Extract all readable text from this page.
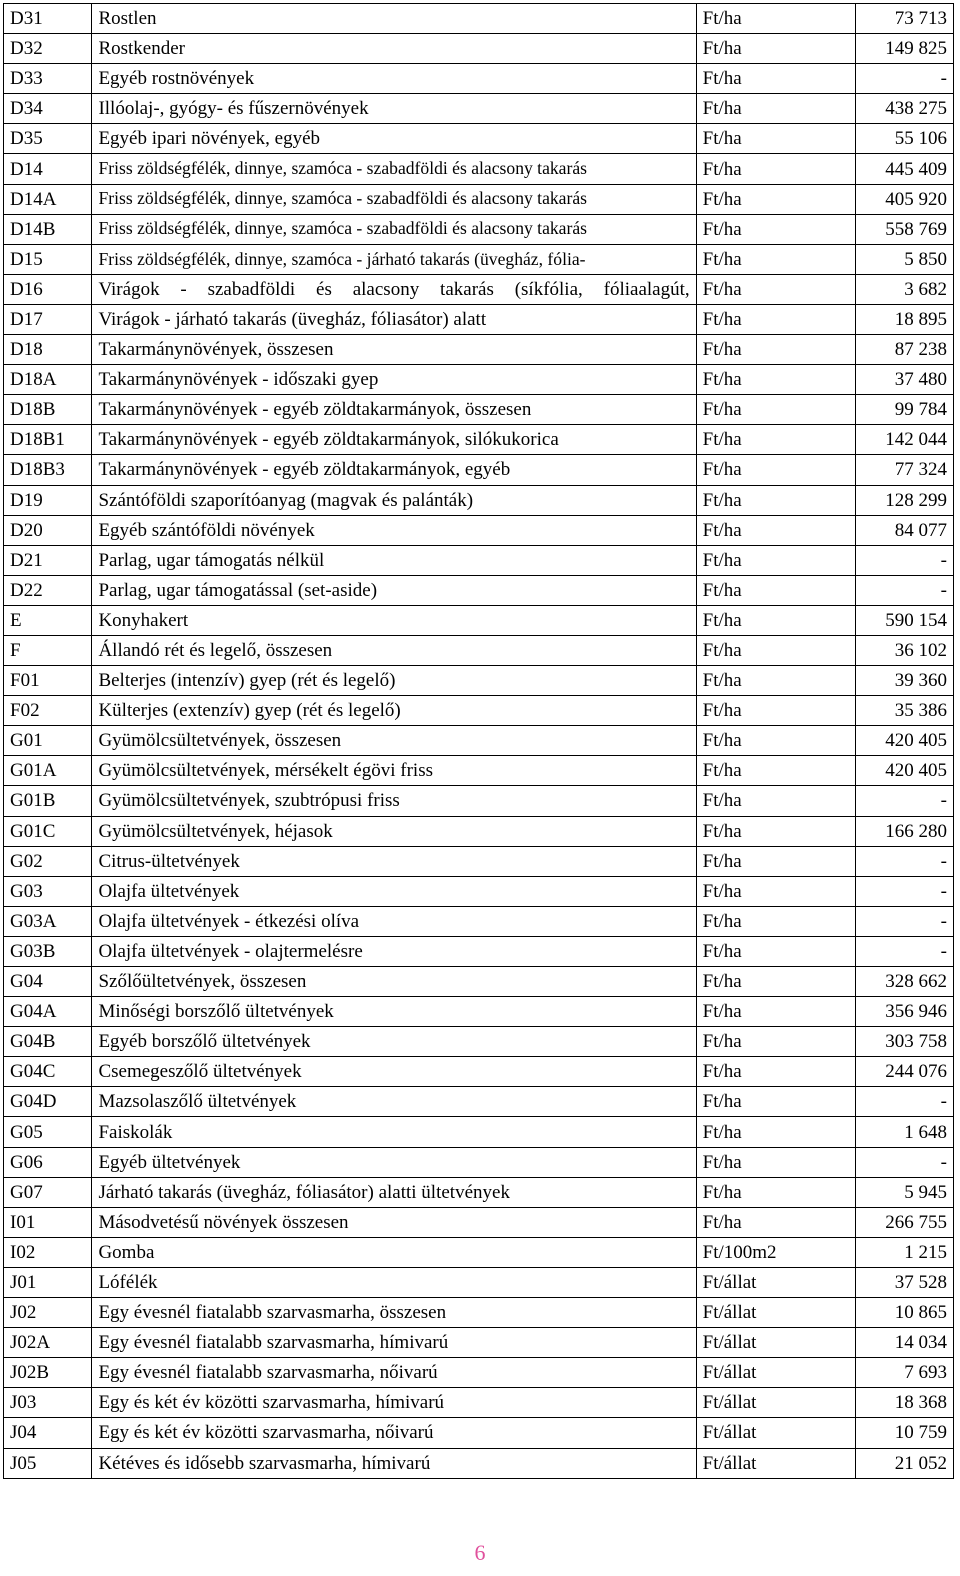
D31	Rostlen	Ft/ha	73 713
D32	Rostkender	Ft/ha	149 825
D33	Egyéb rostnövények	Ft/ha	-
D34	Illóolaj-, gyógy- és fűszernövények	Ft/ha	438 275
D35	Egyéb ipari növények, egyéb	Ft/ha	55 106
D14	Friss zöldségfélék, dinnye, szamóca - szabadföldi és alacsony takarás	Ft/ha	445 409
D14A	Friss zöldségfélék, dinnye, szamóca - szabadföldi és alacsony takarás	Ft/ha	405 920
D14B	Friss zöldségfélék, dinnye, szamóca - szabadföldi és alacsony takarás	Ft/ha	558 769
D15	Friss zöldségfélék, dinnye, szamóca - járható takarás (üvegház, fólia-	Ft/ha	5 850
D16	Virágok - szabadföldi és alacsony takarás (síkfólia, fóliaalagút,	Ft/ha	3 682
D17	Virágok - járható takarás (üvegház, fóliasátor) alatt	Ft/ha	18 895
D18	Takarmánynövények, összesen	Ft/ha	87 238
D18A	Takarmánynövények - időszaki gyep	Ft/ha	37 480
D18B	Takarmánynövények - egyéb zöldtakarmányok, összesen	Ft/ha	99 784
D18B1	Takarmánynövények - egyéb zöldtakarmányok, silókukorica	Ft/ha	142 044
D18B3	Takarmánynövények - egyéb zöldtakarmányok, egyéb	Ft/ha	77 324
D19	Szántóföldi szaporítóanyag (magvak és palánták)	Ft/ha	128 299
D20	Egyéb szántóföldi növények	Ft/ha	84 077
D21	Parlag, ugar támogatás nélkül	Ft/ha	-
D22	Parlag, ugar támogatással (set-aside)	Ft/ha	-
E	Konyhakert	Ft/ha	590 154
F	Állandó rét és legelő, összesen	Ft/ha	36 102
F01	Belterjes (intenzív) gyep (rét és legelő)	Ft/ha	39 360
F02	Külterjes (extenzív) gyep (rét és legelő)	Ft/ha	35 386
G01	Gyümölcsültetvények, összesen	Ft/ha	420 405
G01A	Gyümölcsültetvények, mérsékelt égövi friss	Ft/ha	420 405
G01B	Gyümölcsültetvények, szubtrópusi friss	Ft/ha	-
G01C	Gyümölcsültetvények, héjasok	Ft/ha	166 280
G02	Citrus-ültetvények	Ft/ha	-
G03	Olajfa ültetvények	Ft/ha	-
G03A	Olajfa ültetvények - étkezési olíva	Ft/ha	-
G03B	Olajfa ültetvények - olajtermelésre	Ft/ha	-
G04	Szőlőültetvények, összesen	Ft/ha	328 662
G04A	Minőségi borszőlő ültetvények	Ft/ha	356 946
G04B	Egyéb borszőlő ültetvények	Ft/ha	303 758
G04C	Csemegeszőlő ültetvények	Ft/ha	244 076
G04D	Mazsolaszőlő ültetvények	Ft/ha	-
G05	Faiskolák	Ft/ha	1 648
G06	Egyéb ültetvények	Ft/ha	-
G07	Járható takarás (üvegház, fóliasátor) alatti ültetvények	Ft/ha	5 945
I01	Másodvetésű növények összesen	Ft/ha	266 755
I02	Gomba	Ft/100m2	1 215
J01	Lófélék	Ft/állat	37 528
J02	Egy évesnél fiatalabb szarvasmarha, összesen	Ft/állat	10 865
J02A	Egy évesnél fiatalabb szarvasmarha, hímivarú	Ft/állat	14 034
J02B	Egy évesnél fiatalabb szarvasmarha, nőivarú	Ft/állat	7 693
J03	Egy és két év közötti szarvasmarha, hímivarú	Ft/állat	18 368
J04	Egy és két év közötti szarvasmarha, nőivarú	Ft/állat	10 759
J05	Kétéves és idősebb szarvasmarha, hímivarú	Ft/állat	21 052
6
